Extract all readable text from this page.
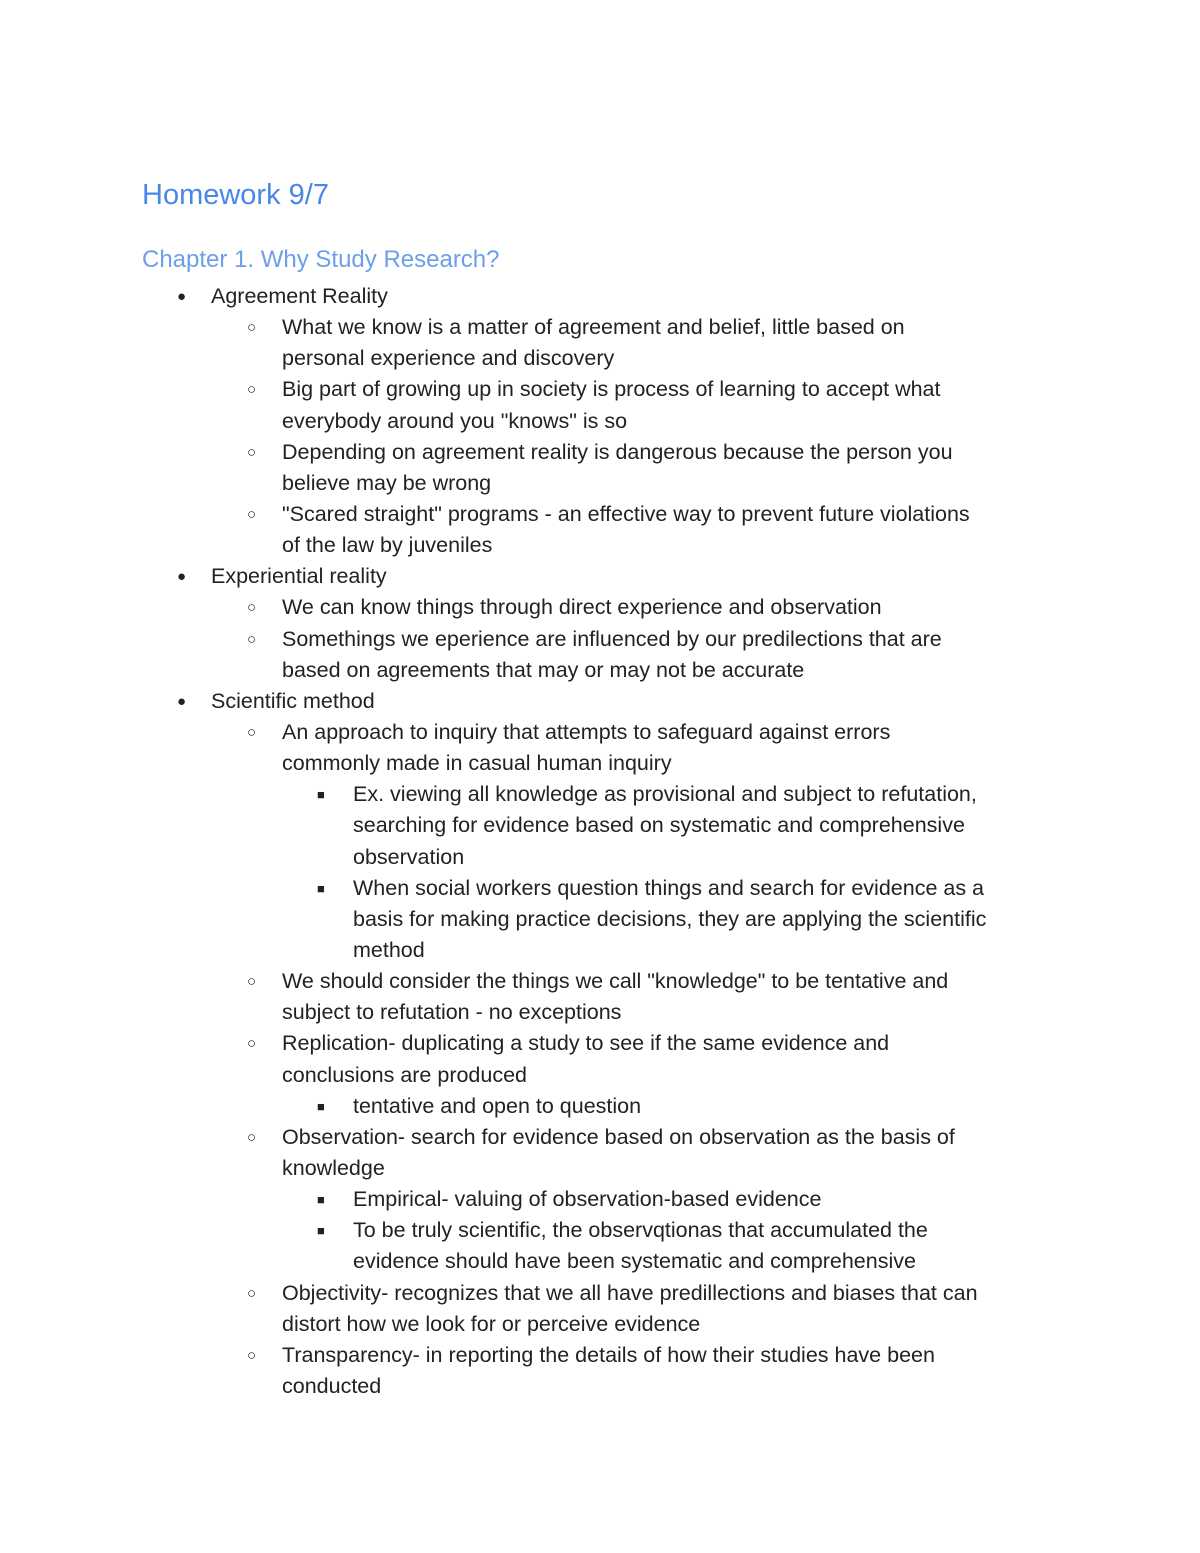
Homework 9/7
Chapter 1. Why Study Research?
● Agreement Reality
○ What we know is a matter of agreement and belief, little based on
personal experience and discovery
○ Big part of growing up in society is process of learning to accept what
everybody around you "knows" is so
○ Depending on agreement reality is dangerous because the person you
believe may be wrong
○ "Scared straight" programs - an effective way to prevent future violations
of the law by juveniles
● Experiential reality
○ We can know things through direct experience and observation
○ Somethings we eperience are influenced by our predilections that are
based on agreements that may or may not be accurate
● Scientific method
○ An approach to inquiry that attempts to safeguard against errors
commonly made in casual human inquiry
■ Ex. viewing all knowledge as provisional and subject to refutation,
searching for evidence based on systematic and comprehensive
observation
■ When social workers question things and search for evidence as a
basis for making practice decisions, they are applying the scientific
method
○ We should consider the things we call "knowledge" to be tentative and
subject to refutation - no exceptions
○ Replication- duplicating a study to see if the same evidence and
conclusions are produced
■ tentative and open to question
○ Observation- search for evidence based on observation as the basis of
knowledge
■ Empirical- valuing of observation-based evidence
■ To be truly scientific, the observqtionas that accumulated the
evidence should have been systematic and comprehensive
○ Objectivity- recognizes that we all have predillections and biases that can
distort how we look for or perceive evidence
○ Transparency- in reporting the details of how their studies have been
conducted
